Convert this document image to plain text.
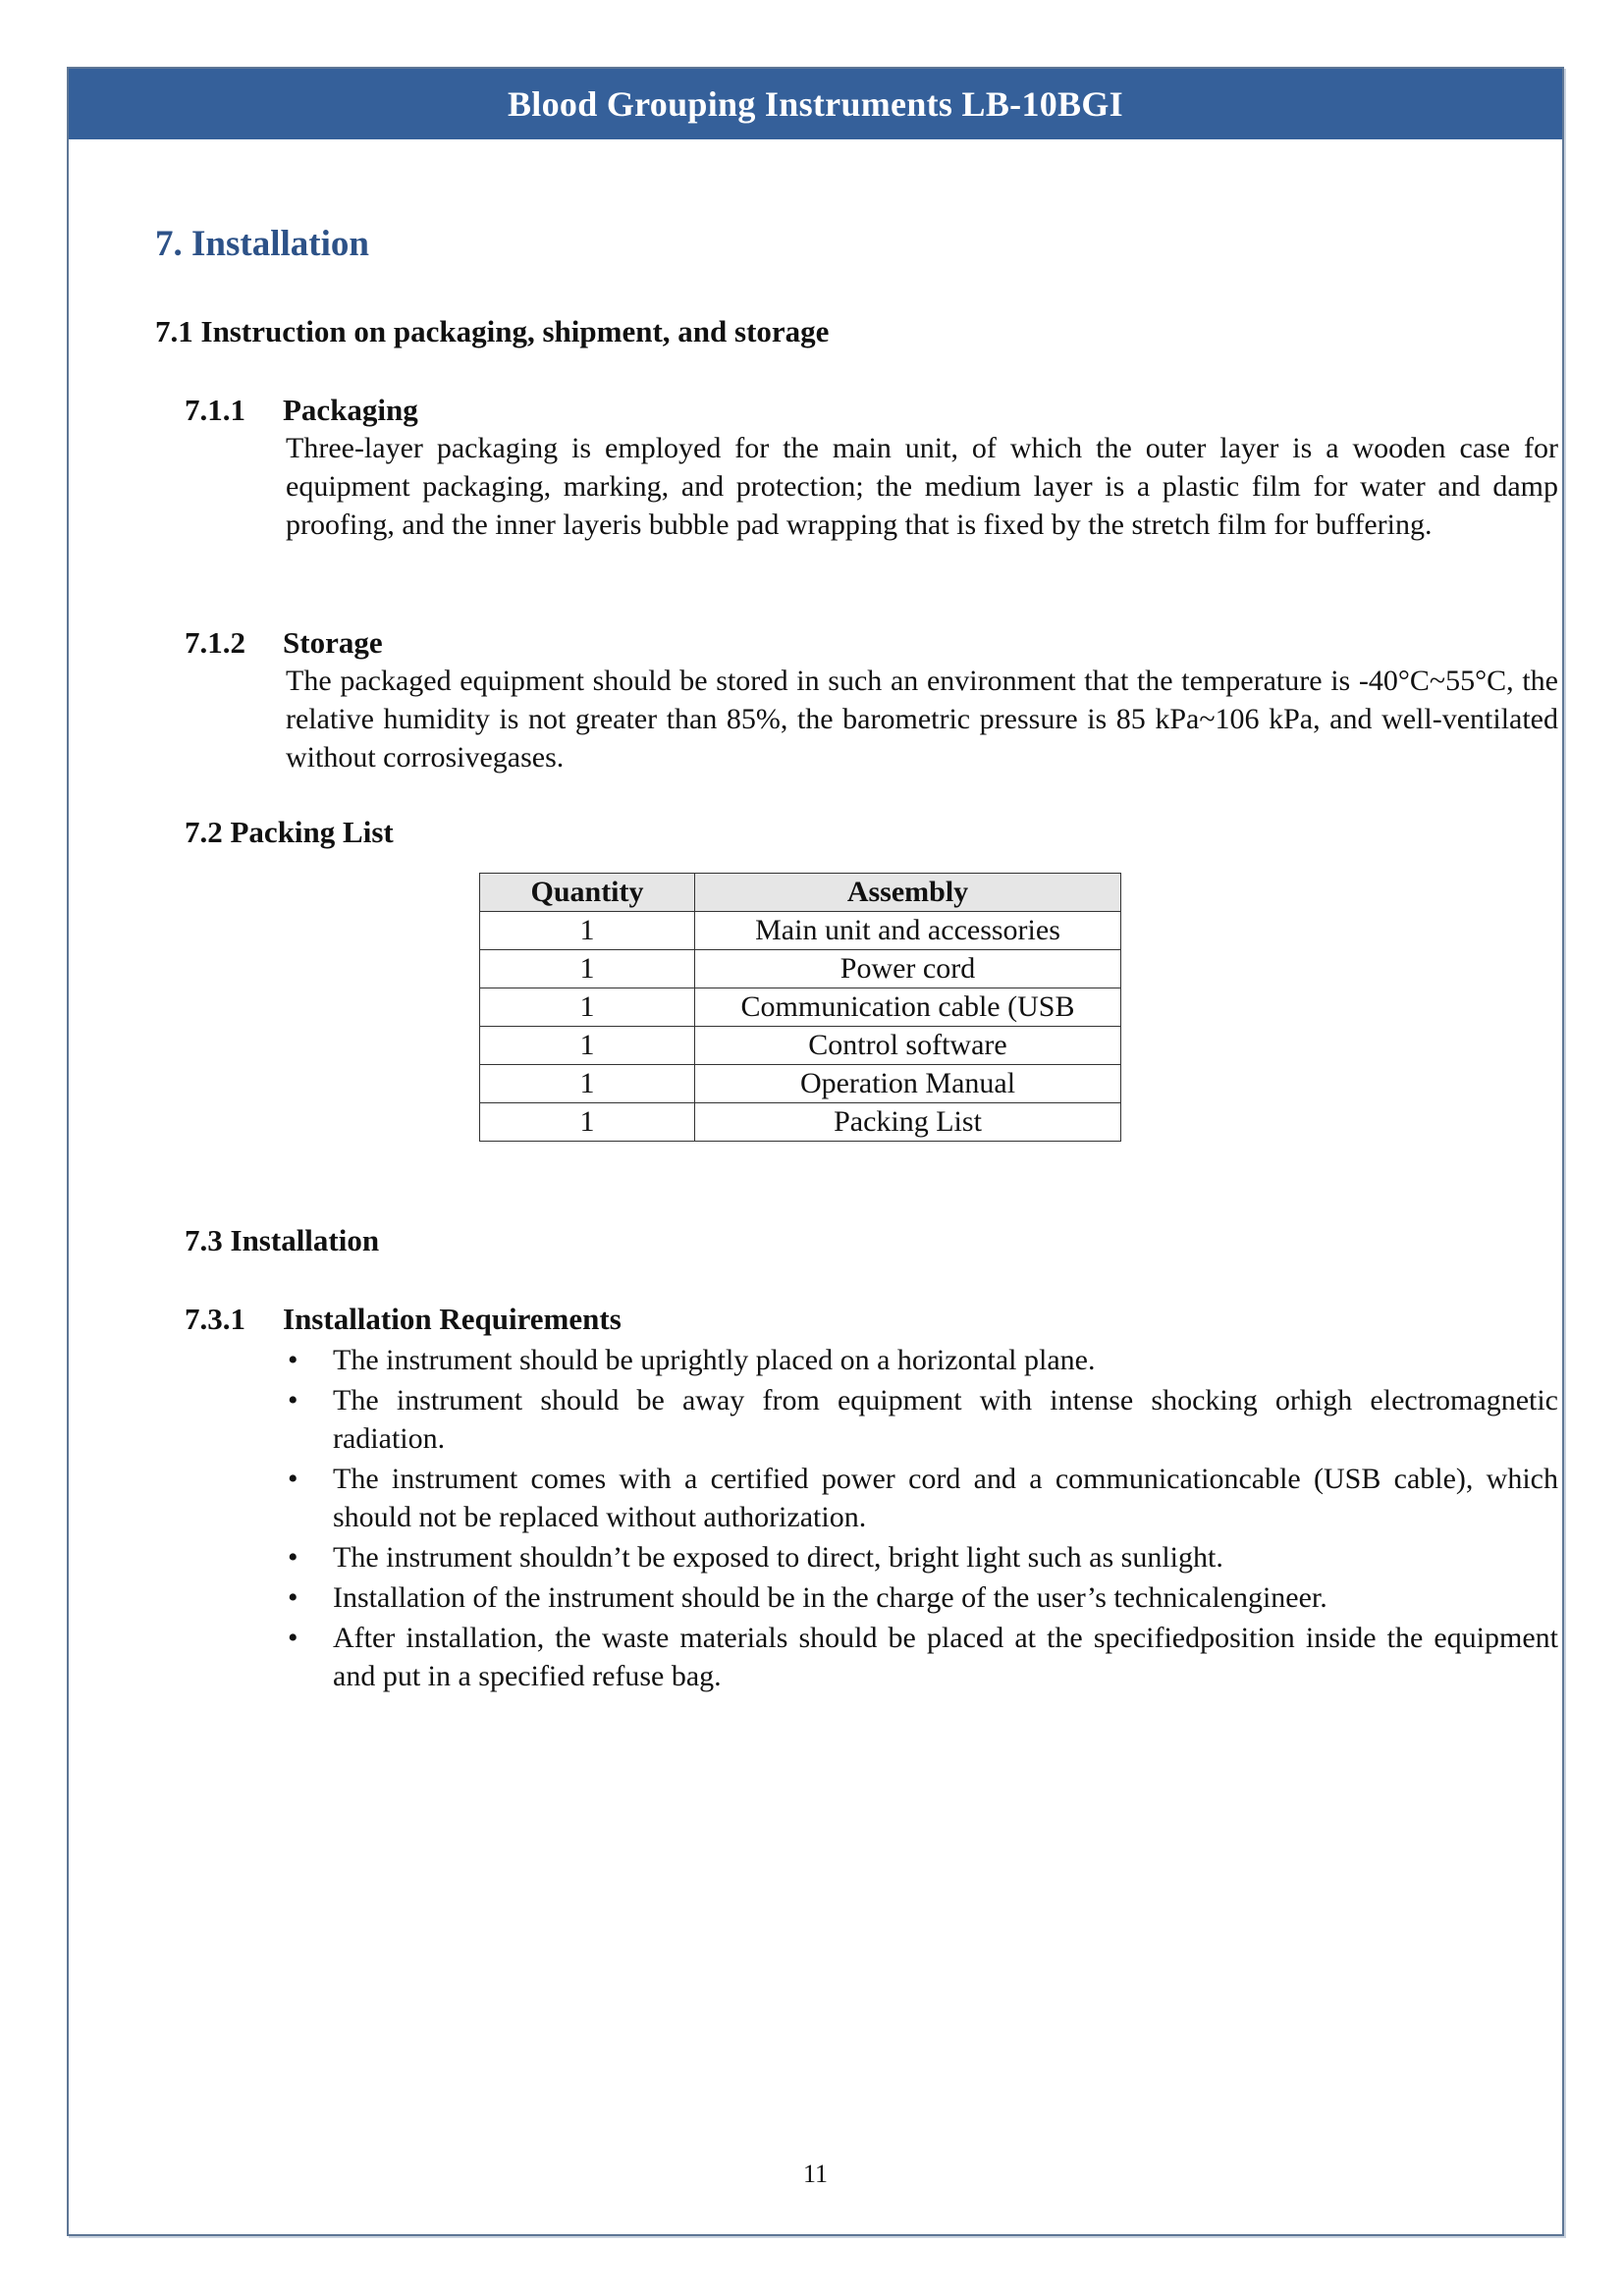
Blood Grouping Instruments LB-10BGI
7. Installation
7.1 Instruction on packaging, shipment, and storage
7.1.1 Packaging
Three-layer packaging is employed for the main unit, of which the outer layer is a wooden case for equipment packaging, marking, and protection; the medium layer is a plastic film for water and damp proofing, and the inner layeris bubble pad wrapping that is fixed by the stretch film for buffering.
7.1.2 Storage
The packaged equipment should be stored in such an environment that the temperature is -40°C~55°C, the relative humidity is not greater than 85%, the barometric pressure is 85 kPa~106 kPa, and well-ventilated without corrosivegases.
7.2 Packing List
Quantity	Assembly
1	Main unit and accessories
1	Power cord
1	Communication cable (USB
1	Control software
1	Operation Manual
1	Packing List
7.3 Installation
7.3.1 Installation Requirements
• The instrument should be uprightly placed on a horizontal plane.
• The instrument should be away from equipment with intense shocking orhigh electromagnetic radiation.
• The instrument comes with a certified power cord and a communicationcable (USB cable), which should not be replaced without authorization.
• The instrument shouldn’t be exposed to direct, bright light such as sunlight.
• Installation of the instrument should be in the charge of the user’s technicalengineer.
• After installation, the waste materials should be placed at the specifiedposition inside the equipment and put in a specified refuse bag.
11
